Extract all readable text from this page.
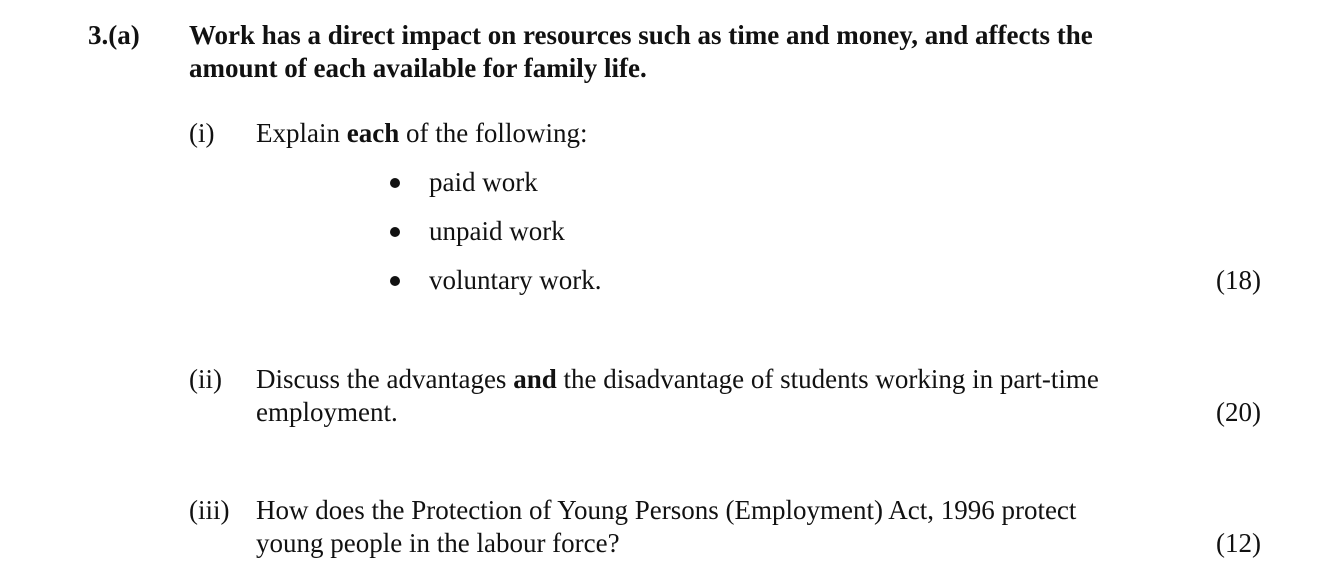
3.(a) Work has a direct impact on resources such as time and money, and affects the
amount of each available for family life.
(i) Explain each of the following:
paid work
unpaid work
voluntary work.	(18)
(ii) Discuss the advantages and the disadvantage of students working in part-time
employment.	(20)
(iii) How does the Protection of Young Persons (Employment) Act, 1996 protect
young people in the labour force?	(12)
